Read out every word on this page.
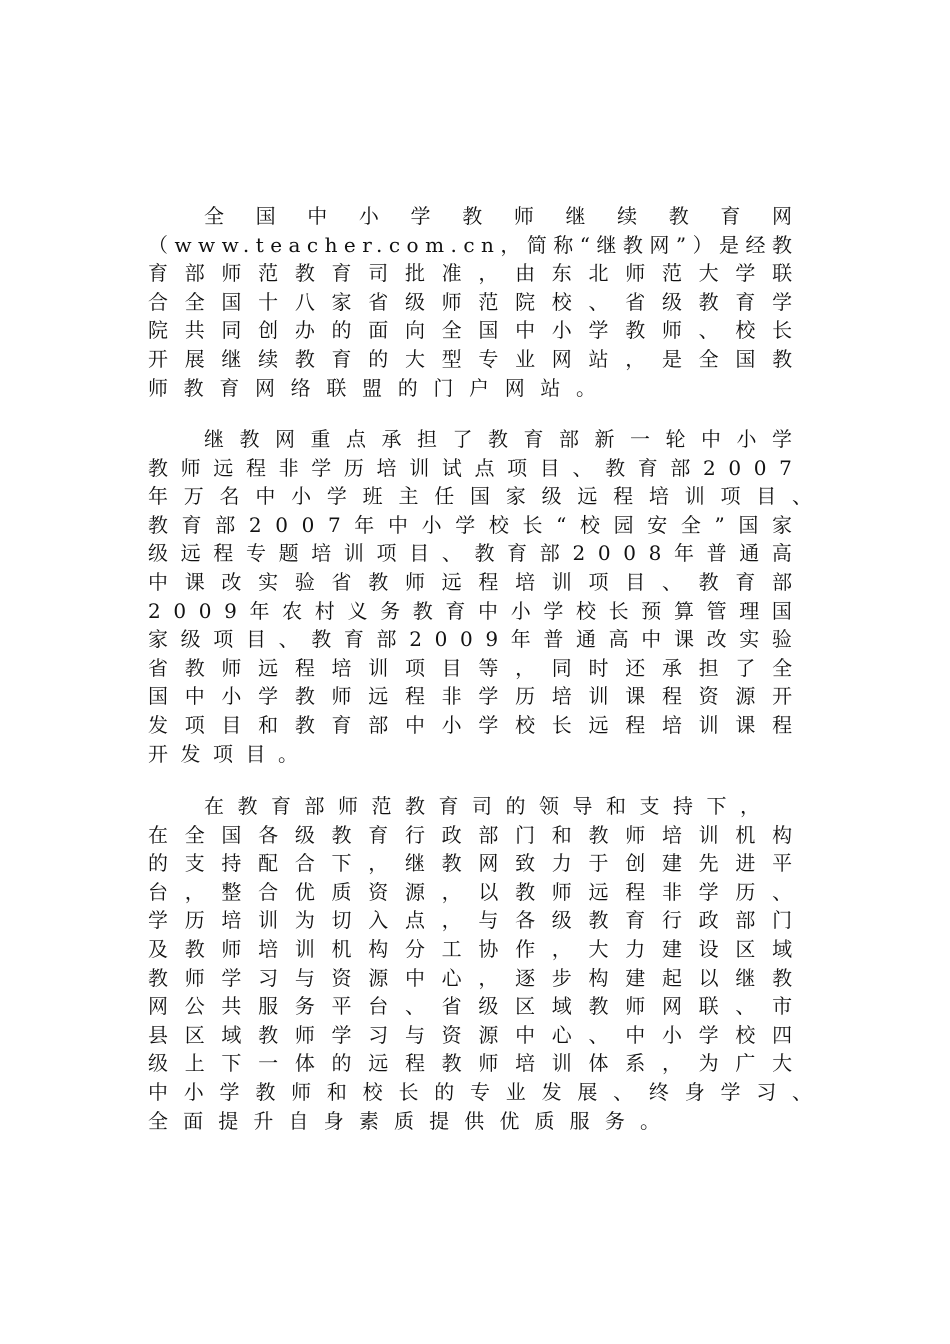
全国中小学教师继续教育网
（www.teacher.com.cn，简称“继教网”）是经教
育部师范教育司批准，由东北师范大学联
合全国十八家省级师范院校、省级教育学
院共同创办的面向全国中小学教师、校长
开展继续教育的大型专业网站，是全国教
师教育网络联盟的门户网站。
继教网重点承担了教育部新一轮中小学
教师远程非学历培训试点项目、教育部2007
年万名中小学班主任国家级远程培训项目、
教育部2007年中小学校长“校园安全”国家
级远程专题培训项目、教育部2008年普通高
中课改实验省教师远程培训项目、教育部
2009年农村义务教育中小学校长预算管理国
家级项目、教育部2009年普通高中课改实验
省教师远程培训项目等，同时还承担了全
国中小学教师远程非学历培训课程资源开
发项目和教育部中小学校长远程培训课程
开发项目。
在教育部师范教育司的领导和支持下，
在全国各级教育行政部门和教师培训机构
的支持配合下，继教网致力于创建先进平
台，整合优质资源，以教师远程非学历、
学历培训为切入点，与各级教育行政部门
及教师培训机构分工协作，大力建设区域
教师学习与资源中心，逐步构建起以继教
网公共服务平台、省级区域教师网联、市
县区域教师学习与资源中心、中小学校四
级上下一体的远程教师培训体系，为广大
中小学教师和校长的专业发展、终身学习、
全面提升自身素质提供优质服务。
